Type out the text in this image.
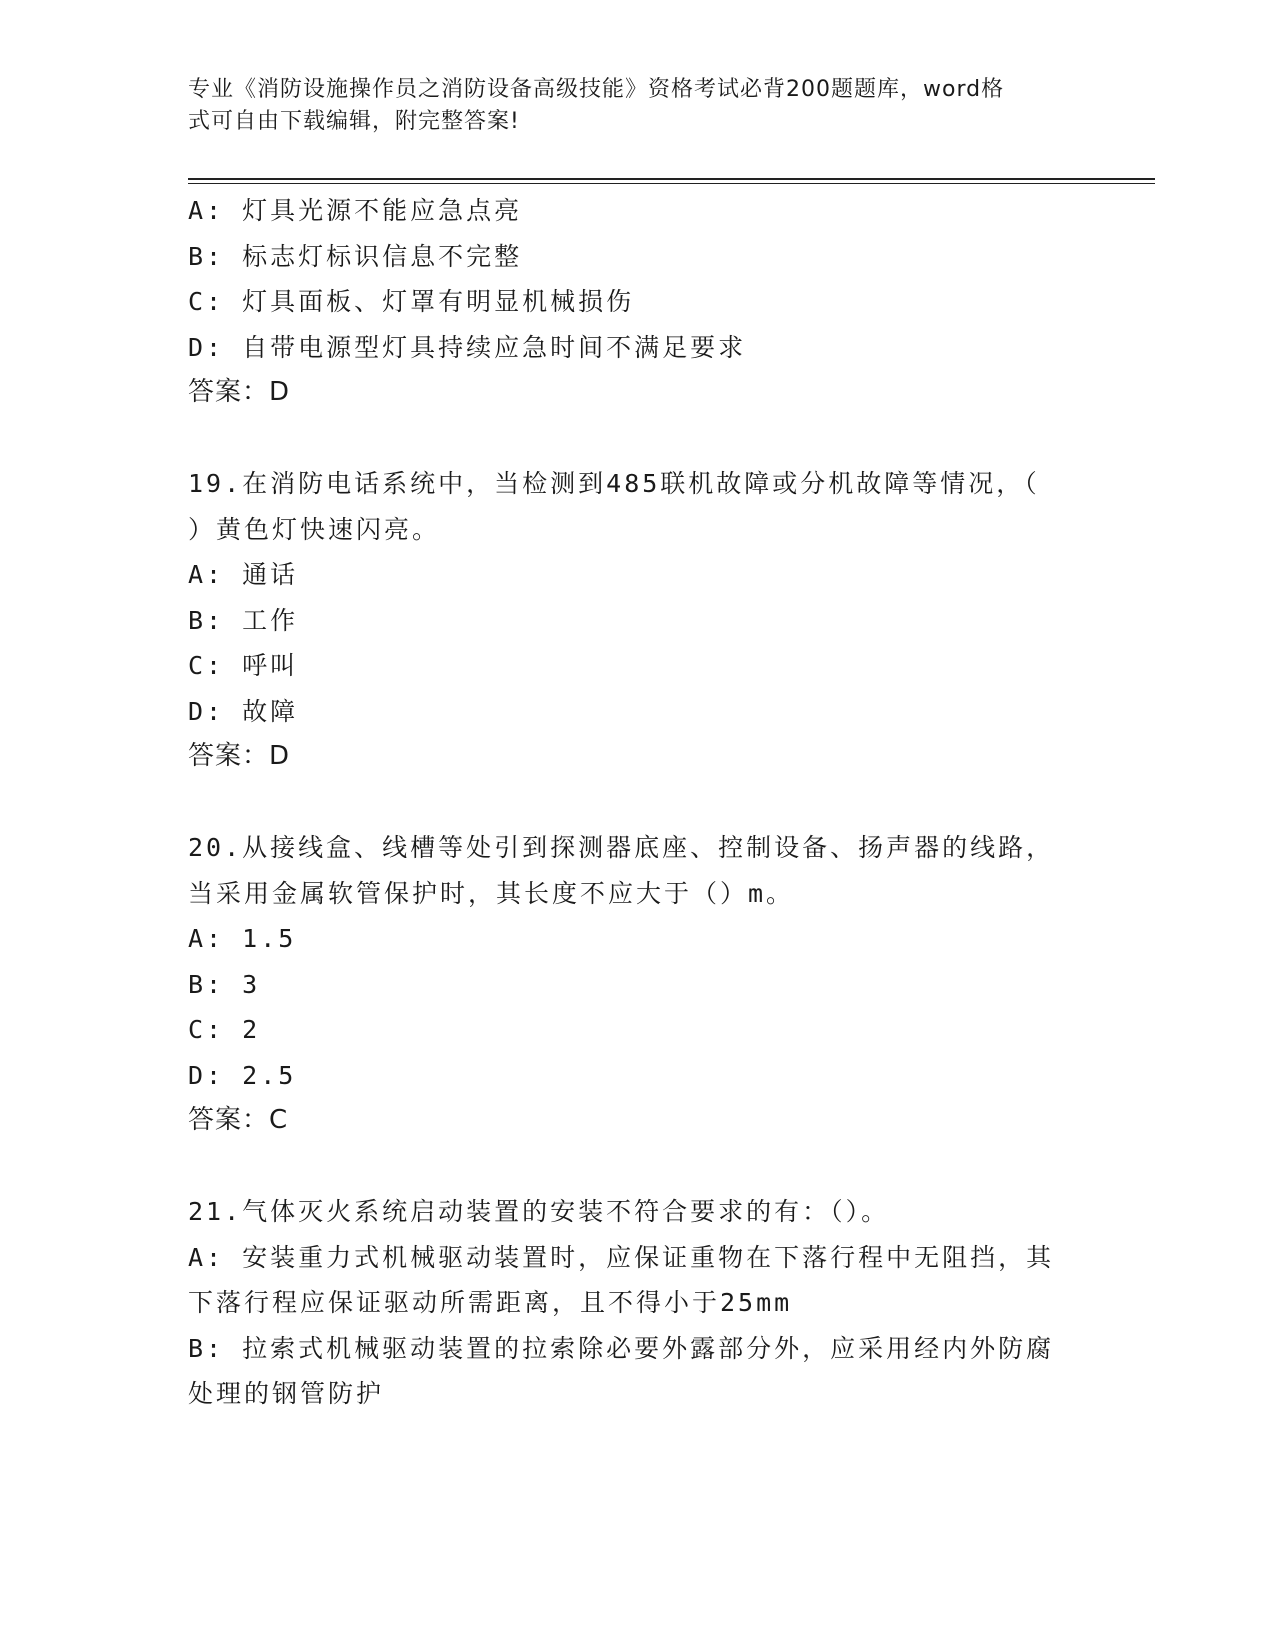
专业《消防设施操作员之消防设备高级技能》资格考试必背200题题库，word格
式可自由下载编辑，附完整答案!
A: 灯具光源不能应急点亮
B: 标志灯标识信息不完整
C: 灯具面板、灯罩有明显机械损伤
D: 自带电源型灯具持续应急时间不满足要求
答案：D
19.在消防电话系统中，当检测到485联机故障或分机故障等情况，（
）黄色灯快速闪亮。
A: 通话
B: 工作
C: 呼叫
D: 故障
答案：D
20.从接线盒、线槽等处引到探测器底座、控制设备、扬声器的线路，
当采用金属软管保护时，其长度不应大于（）m。
A: 1.5
B: 3
C: 2
D: 2.5
答案：C
21.气体灭火系统启动装置的安装不符合要求的有：（）。
A: 安装重力式机械驱动装置时，应保证重物在下落行程中无阻挡，其
下落行程应保证驱动所需距离，且不得小于25mm
B: 拉索式机械驱动装置的拉索除必要外露部分外，应采用经内外防腐
处理的钢管防护
